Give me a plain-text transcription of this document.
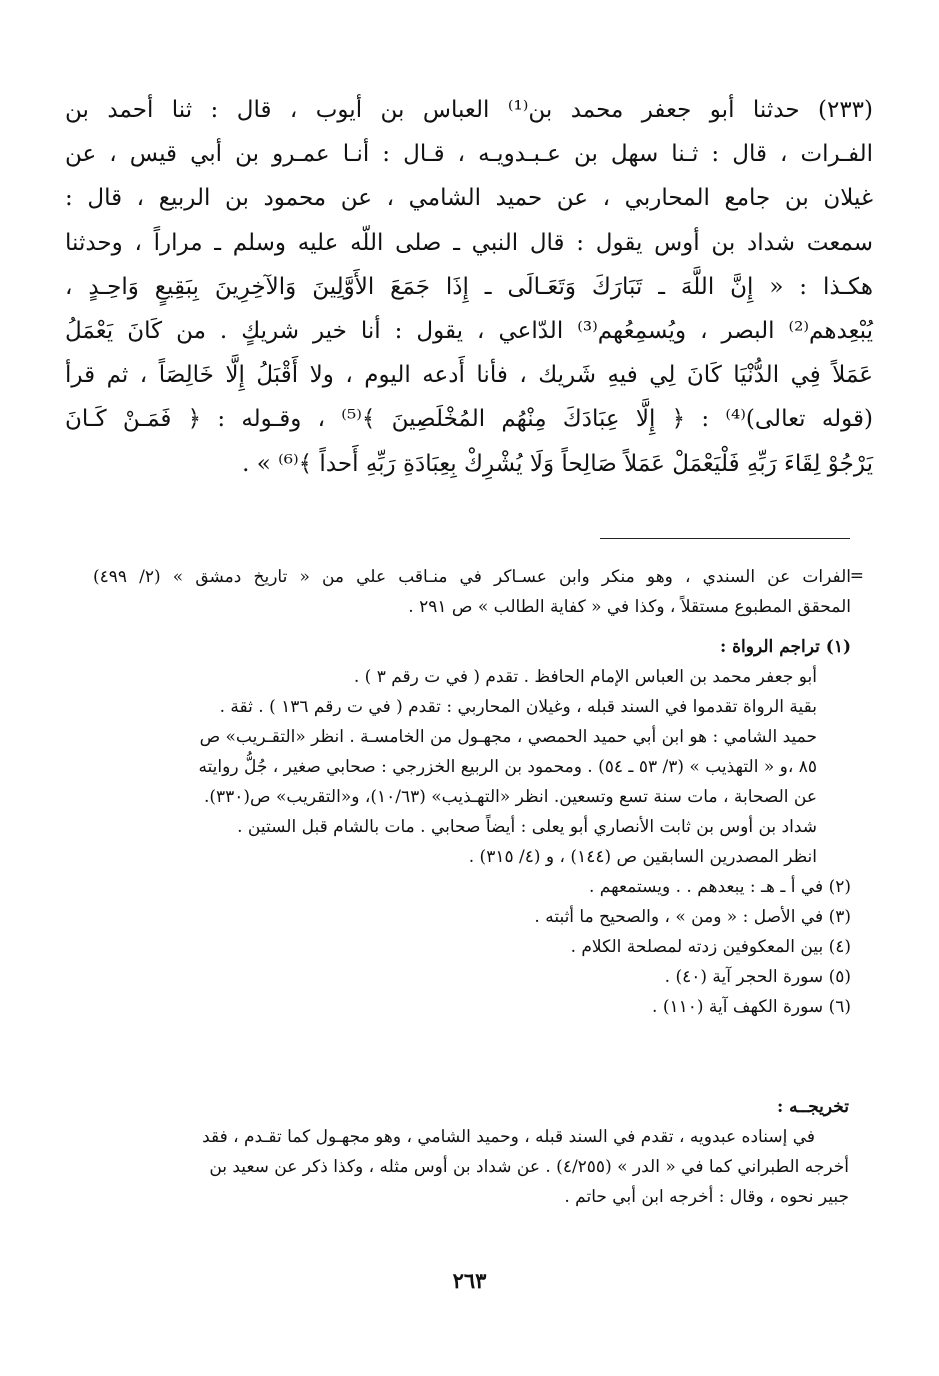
(٢٣٣) حدثنا أبو جعفر محمد بن⁽¹⁾ العباس بن أيوب ، قال : ثنا أحمد بن
الفـرات ، قال : ثـنا سهل بن عـبـدويـه ، قـال : أنـا عمـرو بن أبي قيس ، عن
غيلان بن جامع المحاربي ، عن حميد الشامي ، عن محمود بن الربيع ، قال :
سمعت شداد بن أوس يقول : قال النبي ـ صلى اللّه عليه وسلم ـ مراراً ، وحدثنا
هكـذا : « إِنَّ اللَّهَ ـ تَبَارَكَ وَتَعَـالَى ـ إِذَا جَمَعَ الأَوَّلِينَ وَالآخِرِينَ بِبَقِيعٍ وَاحِـدٍ ،
يُبْعِدهم⁽²⁾ البصر ، ويُسمِعُهم⁽³⁾ الدّاعي ، يقول : أنا خير شريكٍ . من كَانَ يَعْمَلُ
عَمَلاً فِي الدُّنْيَا كَانَ لِي فيهِ شَريك ، فأنا أَدعه اليوم ، ولا أَقْبَلُ إِلَّا خَالِصَاً ، ثم قرأ
(قوله تعالى)⁽⁴⁾ : ﴿ إِلَّا عِبَادَكَ مِنْهُم المُخْلَصِينَ ﴾⁽⁵⁾ ، وقـوله : ﴿ فَمَـنْ كَـانَ
يَرْجُوْ لِقَاءَ رَبِّهِ فَلْيَعْمَلْ عَمَلاً صَالِحاً وَلَا يُشْرِكْ بِعِبَادَةِ رَبِّهِ أَحداً ﴾⁽⁶⁾ » .
=
الفرات عن السندي ، وهو منكر وابن عسـاكر في منـاقب علي من « تاريخ دمشق » (٢/ ٤٩٩)
المحقق المطبوع مستقلاً ، وكذا في « كفاية الطالب » ص ٢٩١ .
(١) تراجم الرواة :
أبو جعفر محمد بن العباس الإمام الحافظ . تقدم ( في ت رقم ٣ ) .
بقية الرواة تقدموا في السند قبله ، وغيلان المحاربي : تقدم ( في ت رقم ١٣٦ ) . ثقة .
حميد الشامي : هو ابن أبي حميد الحمصي ، مجهـول من الخامسـة . انظر «التقـريب» ص
٨٥ ،و « التهذيب » (٣/ ٥٣ ـ ٥٤) . ومحمود بن الربيع الخزرجي : صحابي صغير ، جُلُّ روايته
عن الصحابة ، مات سنة تسع وتسعين. انظر «التهـذيب» (١٠/٦٣)، و«التقريب» ص(٣٣٠).
شداد بن أوس بن ثابت الأنصاري أبو يعلى : أيضاً صحابي . مات بالشام قبل الستين .
انظر المصدرين السابقين ص (١٤٤) ، و (٤/ ٣١٥) .
(٢) في أ ـ هـ : يبعدهم . . ويستمعهم .
(٣) في الأصل : « ومن » ، والصحيح ما أثبته .
(٤) بين المعكوفين زدته لمصلحة الكلام .
(٥) سورة الحجر آية (٤٠) .
(٦) سورة الكهف آية (١١٠) .
تخريجــه :
في إسناده عبدويه ، تقدم في السند قبله ، وحميد الشامي ، وهو مجهـول كما تقـدم ، فقد
أخرجه الطبراني كما في « الدر » (٤/٢٥٥) . عن شداد بن أوس مثله ، وكذا ذكر عن سعيد بن
جبير نحوه ، وقال : أخرجه ابن أبي حاتم .
٢٦٣
